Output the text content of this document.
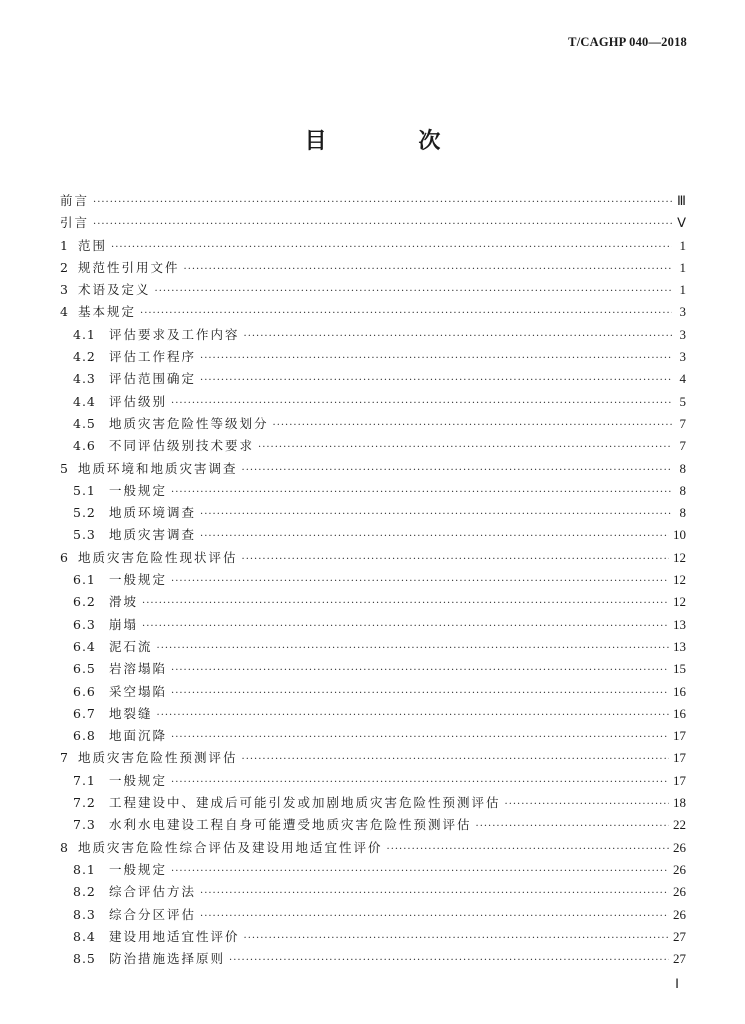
T/CAGHP 040—2018
目 次
前言 ·····	Ⅲ
引言 ·····	Ⅴ
1 范围 ·····	1
2 规范性引用文件 ·····	1
3 术语及定义 ·····	1
4 基本规定 ·····	3
4.1	评估要求及工作内容 ·····	3
4.2	评估工作程序 ·····	3
4.3	评估范围确定 ·····	4
4.4	评估级别 ·····	5
4.5	地质灾害危险性等级划分 ·····	7
4.6	不同评估级别技术要求 ·····	7
5 地质环境和地质灾害调查 ·····	8
5.1	一般规定 ·····	8
5.2	地质环境调查 ·····	8
5.3	地质灾害调查 ·····	10
6 地质灾害危险性现状评估 ·····	12
6.1	一般规定 ·····	12
6.2	滑坡 ·····	12
6.3	崩塌 ·····	13
6.4	泥石流 ·····	13
6.5	岩溶塌陷 ·····	15
6.6	采空塌陷 ·····	16
6.7	地裂缝 ·····	16
6.8	地面沉降 ·····	17
7 地质灾害危险性预测评估 ·····	17
7.1	一般规定 ·····	17
7.2	工程建设中、建成后可能引发或加剧地质灾害危险性预测评估 ·····	18
7.3	水利水电建设工程自身可能遭受地质灾害危险性预测评估 ·····	22
8 地质灾害危险性综合评估及建设用地适宜性评价 ·····	26
8.1	一般规定 ·····	26
8.2	综合评估方法 ·····	26
8.3	综合分区评估 ·····	26
8.4	建设用地适宜性评价 ·····	27
8.5	防治措施选择原则 ·····	27
Ⅰ
